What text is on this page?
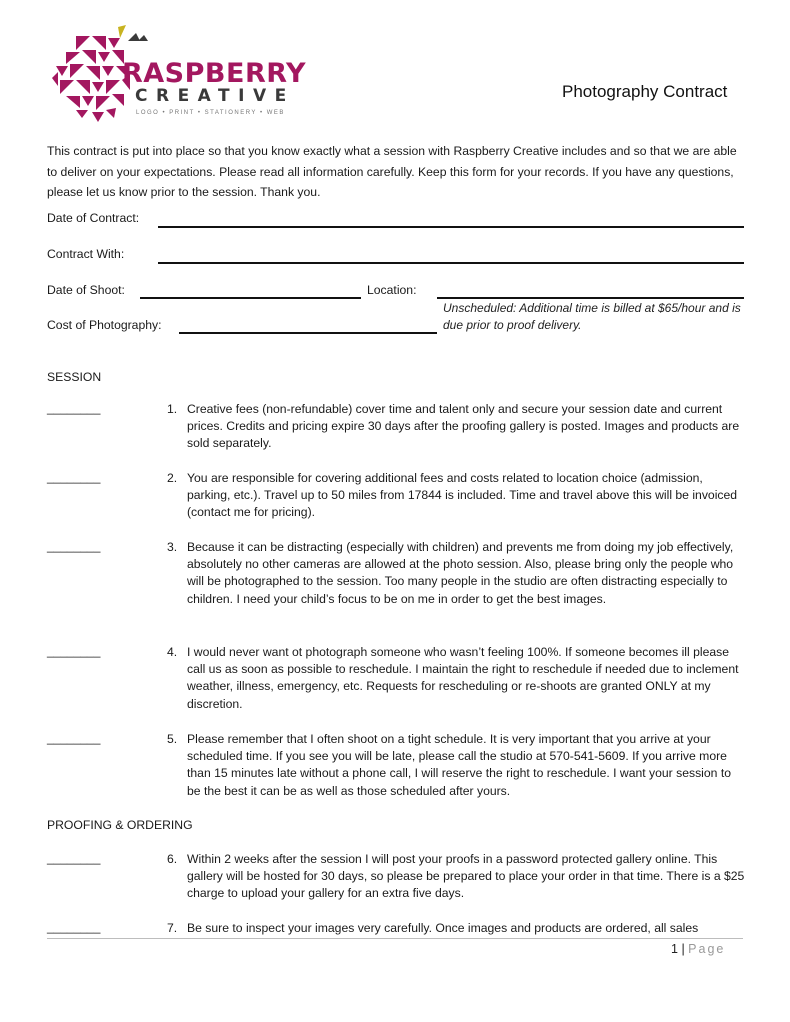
RASPBERRY
CREATIVE
LOGO • PRINT • STATIONERY • WEB
Photography Contract
This contract is put into place so that you know exactly what a session with Raspberry Creative includes and so that we are able to deliver on your expectations. Please read all information carefully. Keep this form for your records. If you have any questions, please let us know prior to the session. Thank you.
Date of Contract:
Contract With:
Date of Shoot:	Location:
Unscheduled: Additional time is billed at $65/hour and is due prior to proof delivery.
Cost of Photography:
SESSION
________	1. Creative fees (non-refundable) cover time and talent only and secure your session date and current prices. Credits and pricing expire 30 days after the proofing gallery is posted. Images and products are sold separately.
________	2. You are responsible for covering additional fees and costs related to location choice (admission, parking, etc.). Travel up to 50 miles from 17844 is included. Time and travel above this will be invoiced (contact me for pricing).
________	3. Because it can be distracting (especially with children) and prevents me from doing my job effectively, absolutely no other cameras are allowed at the photo session. Also, please bring only the people who will be photographed to the session. Too many people in the studio are often distracting especially to children. I need your child’s focus to be on me in order to get the best images.
________	4. I would never want ot photograph someone who wasn’t feeling 100%. If someone becomes ill please call us as soon as possible to reschedule. I maintain the right to reschedule if needed due to inclement weather, illness, emergency, etc. Requests for rescheduling or re-shoots are granted ONLY at my discretion.
________	5. Please remember that I often shoot on a tight schedule. It is very important that you arrive at your scheduled time. If you see you will be late, please call the studio at 570-541-5609. If you arrive more than 15 minutes late without a phone call, I will reserve the right to reschedule. I want your session to be the best it can be as well as those scheduled after yours.
PROOFING & ORDERING
________	6. Within 2 weeks after the session I will post your proofs in a password protected gallery online. This gallery will be hosted for 30 days, so please be prepared to place your order in that time. There is a $25 charge to upload your gallery for an extra five days.
________	7. Be sure to inspect your images very carefully. Once images and products are ordered, all sales
1 | Page
